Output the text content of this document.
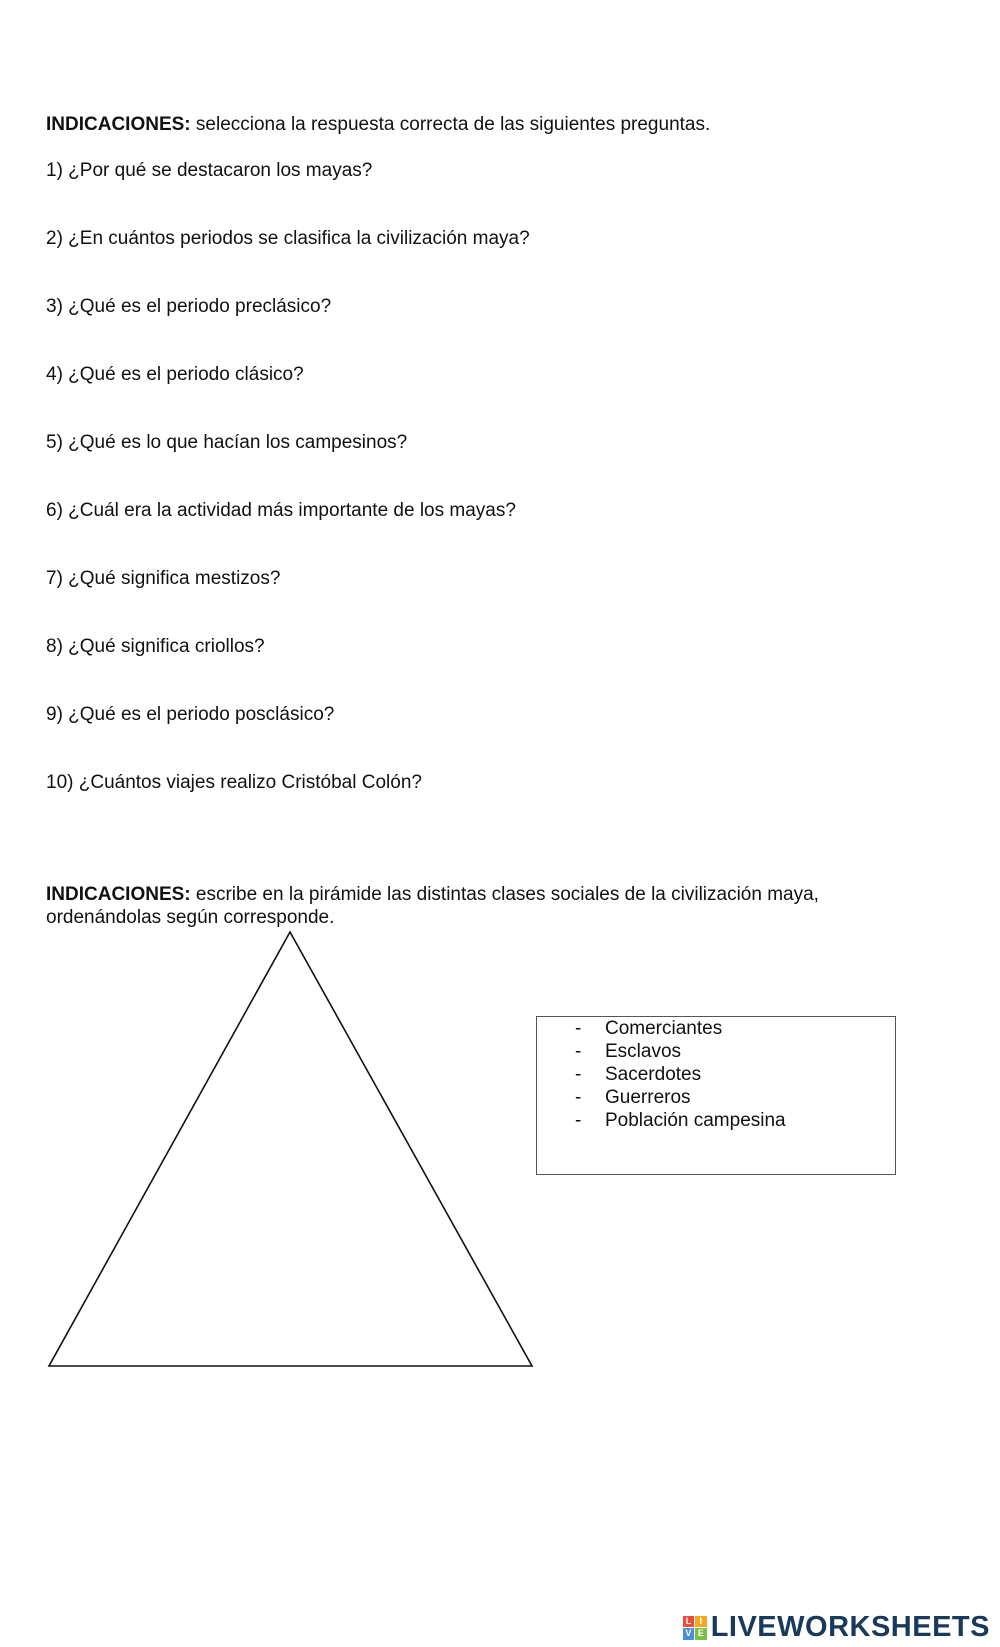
INDICACIONES: selecciona la respuesta correcta de las siguientes preguntas.

1) ¿Por qué se destacaron los mayas?

2) ¿En cuántos periodos se clasifica la civilización maya?

3) ¿Qué es el periodo preclásico?

4) ¿Qué es el periodo clásico?

5) ¿Qué es lo que hacían los campesinos?

6) ¿Cuál era la actividad más importante de los mayas?

7) ¿Qué significa mestizos?

8) ¿Qué significa criollos?

9) ¿Qué es el periodo posclásico?

10) ¿Cuántos viajes realizo Cristóbal Colón?

INDICACIONES: escribe en la pirámide las distintas clases sociales de la civilización maya, ordenándolas según corresponde.

-	Comerciantes
-	Esclavos
-	Sacerdotes
-	Guerreros
-	Población campesina
L I
V E LIVEWORKSHEETS
